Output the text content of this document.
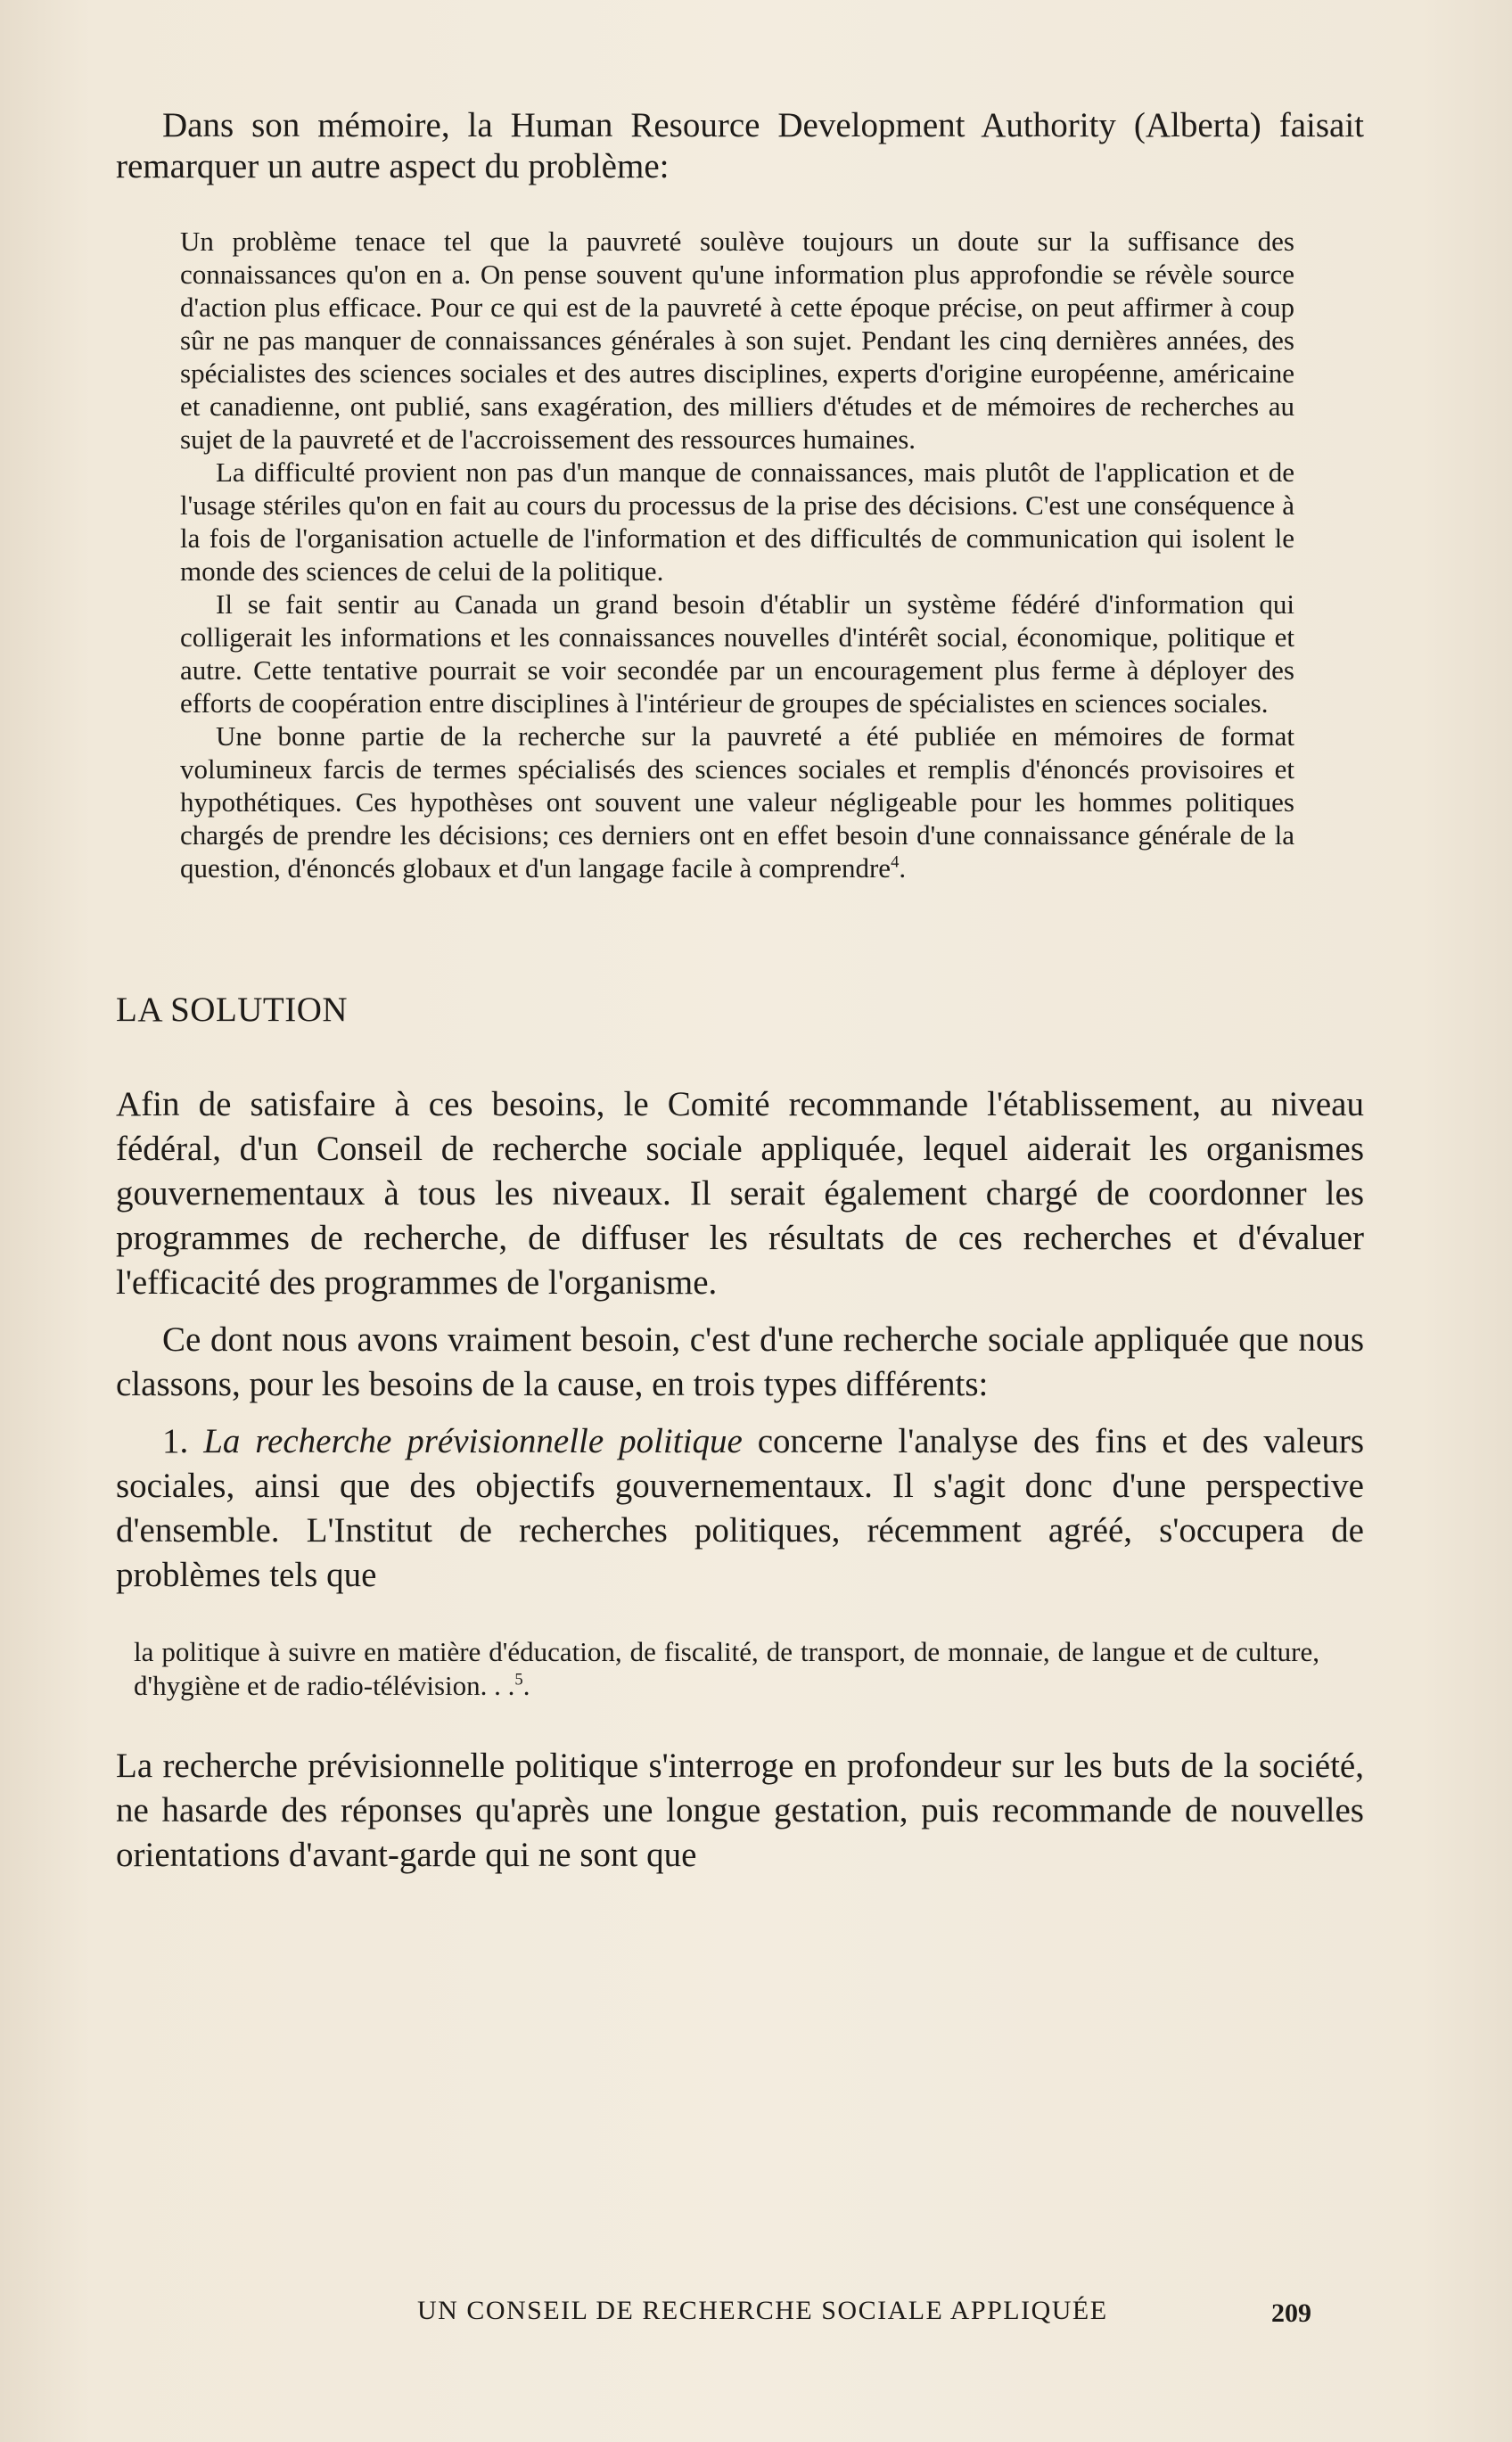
Dans son mémoire, la Human Resource Development Authority (Alberta) faisait remarquer un autre aspect du problème:

Un problème tenace tel que la pauvreté soulève toujours un doute sur la suffisance des connaissances qu'on en a. On pense souvent qu'une information plus approfondie se révèle source d'action plus efficace. Pour ce qui est de la pauvreté à cette époque précise, on peut affirmer à coup sûr ne pas manquer de connaissances générales à son sujet. Pendant les cinq dernières années, des spécialistes des sciences sociales et des autres disciplines, experts d'origine européenne, américaine et canadienne, ont publié, sans exagération, des milliers d'études et de mémoires de recherches au sujet de la pauvreté et de l'accroissement des ressources humaines.

La difficulté provient non pas d'un manque de connaissances, mais plutôt de l'application et de l'usage stériles qu'on en fait au cours du processus de la prise des décisions. C'est une conséquence à la fois de l'organisation actuelle de l'information et des difficultés de communication qui isolent le monde des sciences de celui de la politique.

Il se fait sentir au Canada un grand besoin d'établir un système fédéré d'information qui colligerait les informations et les connaissances nouvelles d'intérêt social, économique, politique et autre. Cette tentative pourrait se voir secondée par un encouragement plus ferme à déployer des efforts de coopération entre disciplines à l'intérieur de groupes de spécialistes en sciences sociales.

Une bonne partie de la recherche sur la pauvreté a été publiée en mémoires de format volumineux farcis de termes spécialisés des sciences sociales et remplis d'énoncés provisoires et hypothétiques. Ces hypothèses ont souvent une valeur négligeable pour les hommes politiques chargés de prendre les décisions; ces derniers ont en effet besoin d'une connaissance générale de la question, d'énoncés globaux et d'un langage facile à comprendre$^4$.

LA SOLUTION

Afin de satisfaire à ces besoins, le Comité recommande l'établissement, au niveau fédéral, d'un Conseil de recherche sociale appliquée, lequel aiderait les organismes gouvernementaux à tous les niveaux. Il serait également chargé de coordonner les programmes de recherche, de diffuser les résultats de ces recherches et d'évaluer l'efficacité des programmes de l'organisme.

Ce dont nous avons vraiment besoin, c'est d'une recherche sociale appliquée que nous classons, pour les besoins de la cause, en trois types différents:

1. La recherche prévisionnelle politique concerne l'analyse des fins et des valeurs sociales, ainsi que des objectifs gouvernementaux. Il s'agit donc d'une perspective d'ensemble. L'Institut de recherches politiques, récemment agréé, s'occupera de problèmes tels que

la politique à suivre en matière d'éducation, de fiscalité, de transport, de monnaie, de langue et de culture, d'hygiène et de radio-télévision. . .$^5$.

La recherche prévisionnelle politique s'interroge en profondeur sur les buts de la société, ne hasarde des réponses qu'après une longue gestation, puis recommande de nouvelles orientations d'avant-garde qui ne sont que

UN CONSEIL DE RECHERCHE SOCIALE APPLIQUÉE	209
